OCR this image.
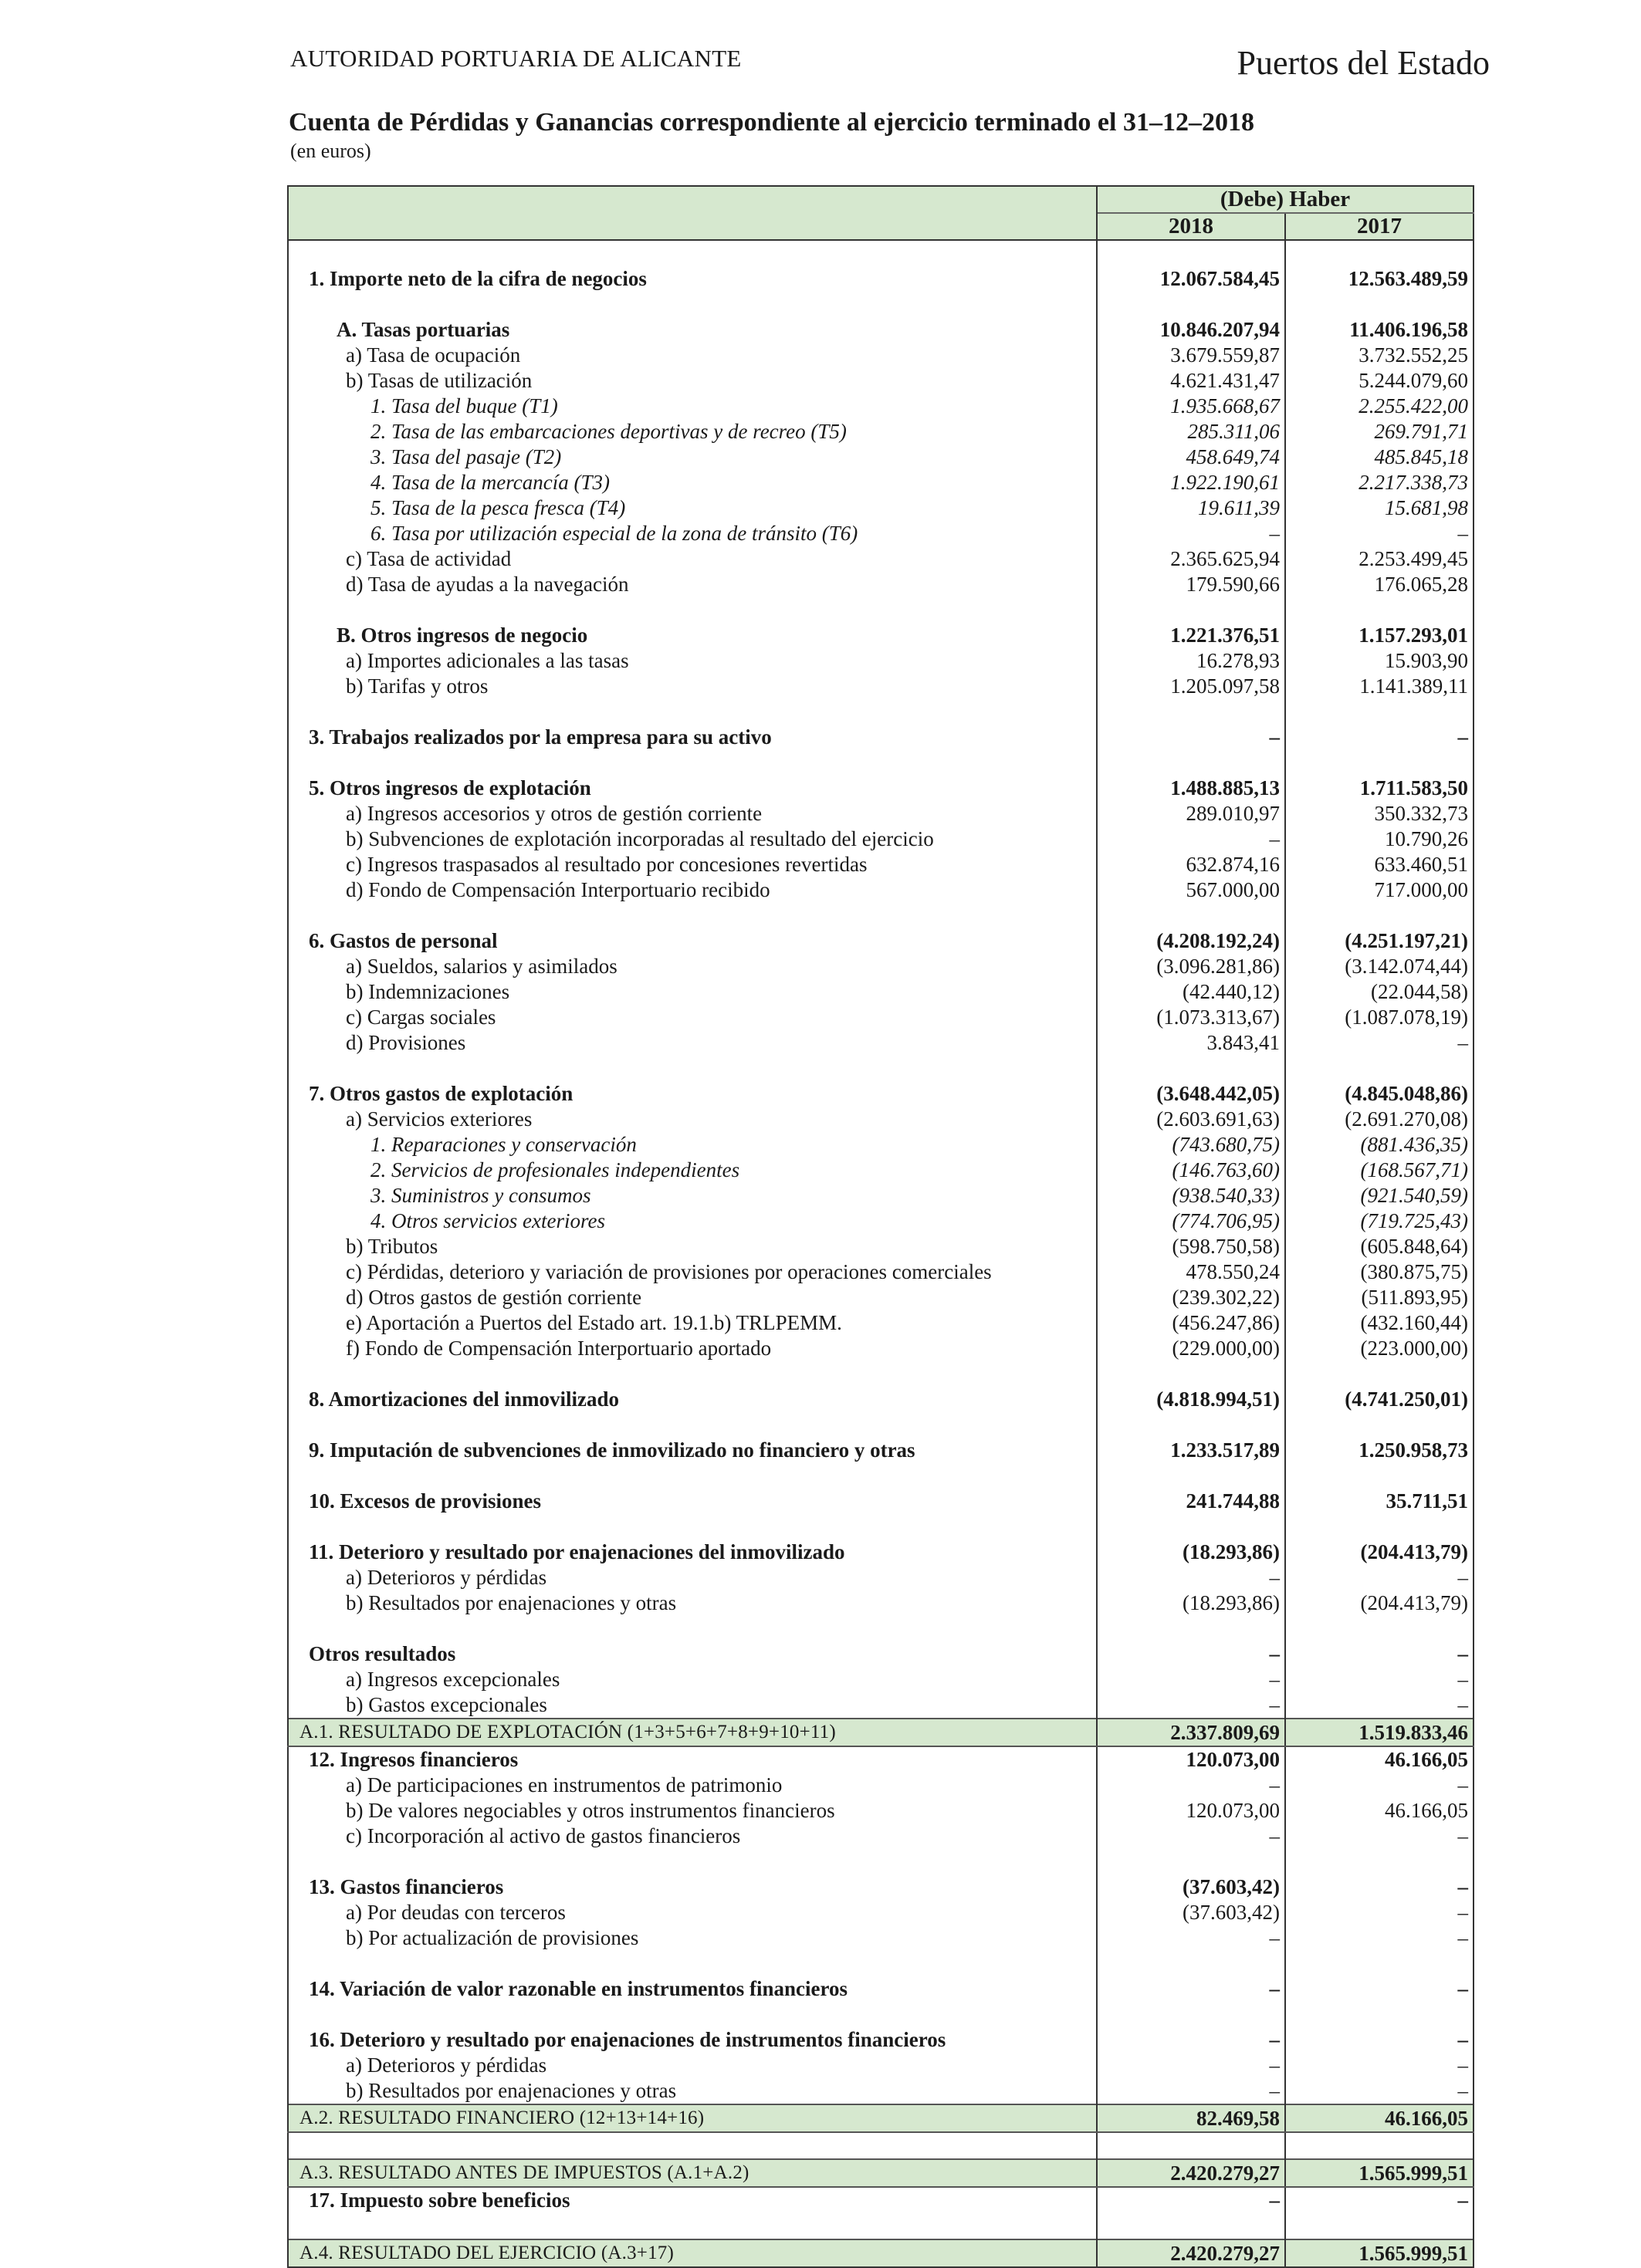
AUTORIDAD PORTUARIA DE ALICANTE	Puertos del Estado
Cuenta de Pérdidas y Ganancias correspondiente al ejercicio terminado el 31–12–2018
(en euros)
	(Debe) Haber	
	2018	2017

1. Importe neto de la cifra de negocios	12.067.584,45	12.563.489,59

A. Tasas portuarias	10.846.207,94	11.406.196,58
a) Tasa de ocupación	3.679.559,87	3.732.552,25
b) Tasas de utilización	4.621.431,47	5.244.079,60
1. Tasa del buque (T1)	1.935.668,67	2.255.422,00
2. Tasa de las embarcaciones deportivas y de recreo (T5)	285.311,06	269.791,71
3. Tasa del pasaje (T2)	458.649,74	485.845,18
4. Tasa de la mercancía (T3)	1.922.190,61	2.217.338,73
5. Tasa de la pesca fresca (T4)	19.611,39	15.681,98
6. Tasa por utilización especial de la zona de tránsito (T6)	–	–
c) Tasa de actividad	2.365.625,94	2.253.499,45
d) Tasa de ayudas a la navegación	179.590,66	176.065,28

B. Otros ingresos de negocio	1.221.376,51	1.157.293,01
a) Importes adicionales a las tasas	16.278,93	15.903,90
b) Tarifas y otros	1.205.097,58	1.141.389,11

3. Trabajos realizados por la empresa para su activo	–	–

5. Otros ingresos de explotación	1.488.885,13	1.711.583,50
a) Ingresos accesorios y otros de gestión corriente	289.010,97	350.332,73
b) Subvenciones de explotación incorporadas al resultado del ejercicio	–	10.790,26
c) Ingresos traspasados al resultado por concesiones revertidas	632.874,16	633.460,51
d) Fondo de Compensación Interportuario recibido	567.000,00	717.000,00

6. Gastos de personal	(4.208.192,24)	(4.251.197,21)
a) Sueldos, salarios y asimilados	(3.096.281,86)	(3.142.074,44)
b) Indemnizaciones	(42.440,12)	(22.044,58)
c) Cargas sociales	(1.073.313,67)	(1.087.078,19)
d) Provisiones	3.843,41	–

7. Otros gastos de explotación	(3.648.442,05)	(4.845.048,86)
a) Servicios exteriores	(2.603.691,63)	(2.691.270,08)
1. Reparaciones y conservación	(743.680,75)	(881.436,35)
2. Servicios de profesionales independientes	(146.763,60)	(168.567,71)
3. Suministros y consumos	(938.540,33)	(921.540,59)
4. Otros servicios exteriores	(774.706,95)	(719.725,43)
b) Tributos	(598.750,58)	(605.848,64)
c) Pérdidas, deterioro y variación de provisiones por operaciones comerciales	478.550,24	(380.875,75)
d) Otros gastos de gestión corriente	(239.302,22)	(511.893,95)
e) Aportación a Puertos del Estado art. 19.1.b) TRLPEMM.	(456.247,86)	(432.160,44)
f) Fondo de Compensación Interportuario aportado	(229.000,00)	(223.000,00)

8. Amortizaciones del inmovilizado	(4.818.994,51)	(4.741.250,01)

9. Imputación de subvenciones de inmovilizado no financiero y otras	1.233.517,89	1.250.958,73

10. Excesos de provisiones	241.744,88	35.711,51

11. Deterioro y resultado por enajenaciones del inmovilizado	(18.293,86)	(204.413,79)
a) Deterioros y pérdidas	–	–
b) Resultados por enajenaciones y otras	(18.293,86)	(204.413,79)

Otros resultados	–	–
a) Ingresos excepcionales	–	–
b) Gastos excepcionales	–	–
A.1. RESULTADO DE EXPLOTACIÓN (1+3+5+6+7+8+9+10+11)	2.337.809,69	1.519.833,46
12. Ingresos financieros	120.073,00	46.166,05
a) De participaciones en instrumentos de patrimonio	–	–
b) De valores negociables y otros instrumentos financieros	120.073,00	46.166,05
c) Incorporación al activo de gastos financieros	–	–

13. Gastos financieros	(37.603,42)	–
a) Por deudas con terceros	(37.603,42)	–
b) Por actualización de provisiones	–	–

14. Variación de valor razonable en instrumentos financieros	–	–

16. Deterioro y resultado por enajenaciones de instrumentos financieros	–	–
a) Deterioros y pérdidas	–	–
b) Resultados por enajenaciones y otras	–	–
A.2. RESULTADO FINANCIERO (12+13+14+16)	82.469,58	46.166,05

A.3. RESULTADO ANTES DE IMPUESTOS (A.1+A.2)	2.420.279,27	1.565.999,51
17. Impuesto sobre beneficios	–	–

A.4. RESULTADO DEL EJERCICIO (A.3+17)	2.420.279,27	1.565.999,51
